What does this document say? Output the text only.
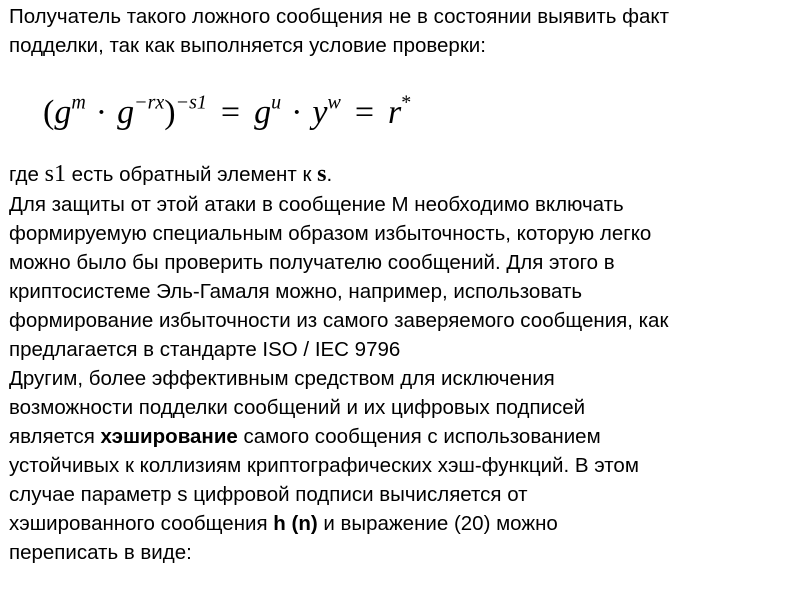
Получатель такого ложного сообщения не в состоянии выявить факт
подделки, так как выполняется условие проверки:
$(g^m \cdot g^{-rx})^{-s1} = g^u \cdot y^w = r^*$
где s1 есть обратный элемент к s.
Для защиты от этой атаки в сообщение М необходимо включать
формируемую специальным образом избыточность, которую легко
можно было бы проверить получателю сообщений. Для этого в
криптосистеме Эль-Гамаля можно, например, использовать
формирование избыточности из самого заверяемого сообщения, как
предлагается в стандарте ISO / IEC 9796
Другим, более эффективным средством для исключения
возможности подделки сообщений и их цифровых подписей
является хэширование самого сообщения с использованием
устойчивых к коллизиям криптографических хэш-функций. В этом
случае параметр s цифровой подписи вычисляется от
хэшированного сообщения h (n) и выражение (20) можно
переписать в виде:
